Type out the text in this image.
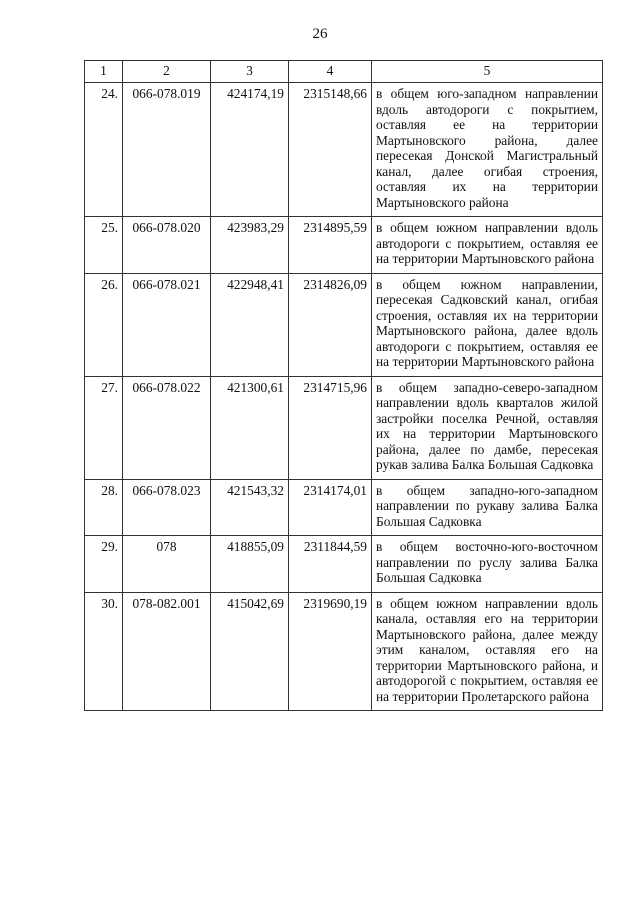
26
1	2	3	4	5
24.	066-078.019	424174,19	2315148,66	в общем юго-западном направлении вдоль автодороги с покрытием, оставляя ее на территории Мартыновского района, далее пересекая Донской Магистральный канал, далее огибая строения, оставляя их на территории Мартыновского района
25.	066-078.020	423983,29	2314895,59	в общем южном направлении вдоль автодороги с покрытием, оставляя ее на территории Мартыновского района
26.	066-078.021	422948,41	2314826,09	в общем южном направлении, пересекая Садковский канал, огибая строения, оставляя их на территории Мартыновского района, далее вдоль автодороги с покрытием, оставляя ее на территории Мартыновского района
27.	066-078.022	421300,61	2314715,96	в общем западно-северо-западном направлении вдоль кварталов жилой застройки поселка Речной, оставляя их на территории Мартыновского района, далее по дамбе, пересекая рукав залива Балка Большая Садковка
28.	066-078.023	421543,32	2314174,01	в общем западно-юго-западном направлении по рукаву залива Балка Большая Садковка
29.	078	418855,09	2311844,59	в общем восточно-юго-восточном направлении по руслу залива Балка Большая Садковка
30.	078-082.001	415042,69	2319690,19	в общем южном направлении вдоль канала, оставляя его на территории Мартыновского района, далее между этим каналом, оставляя его на территории Мартыновского района, и автодорогой с покрытием, оставляя ее на территории Пролетарского района
